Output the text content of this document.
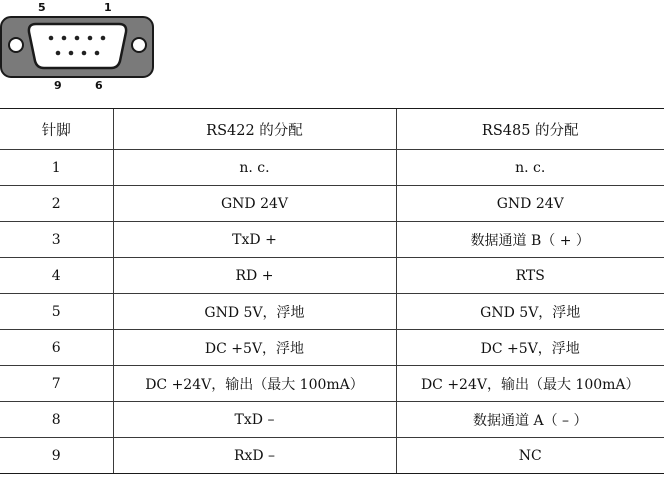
5	1
9	6
针脚	RS422 的分配	RS485 的分配
1	n. c.	n. c.
2	GND 24V	GND 24V
3	TxD +	数据通道 B（ + ）
4	RD +	RTS
5	GND 5V，浮地	GND 5V，浮地
6	DC +5V，浮地	DC +5V，浮地
7	DC +24V，输出（最大 100mA）	DC +24V，输出（最大 100mA）
8	TxD –	数据通道 A（ – ）
9	RxD –	NC
